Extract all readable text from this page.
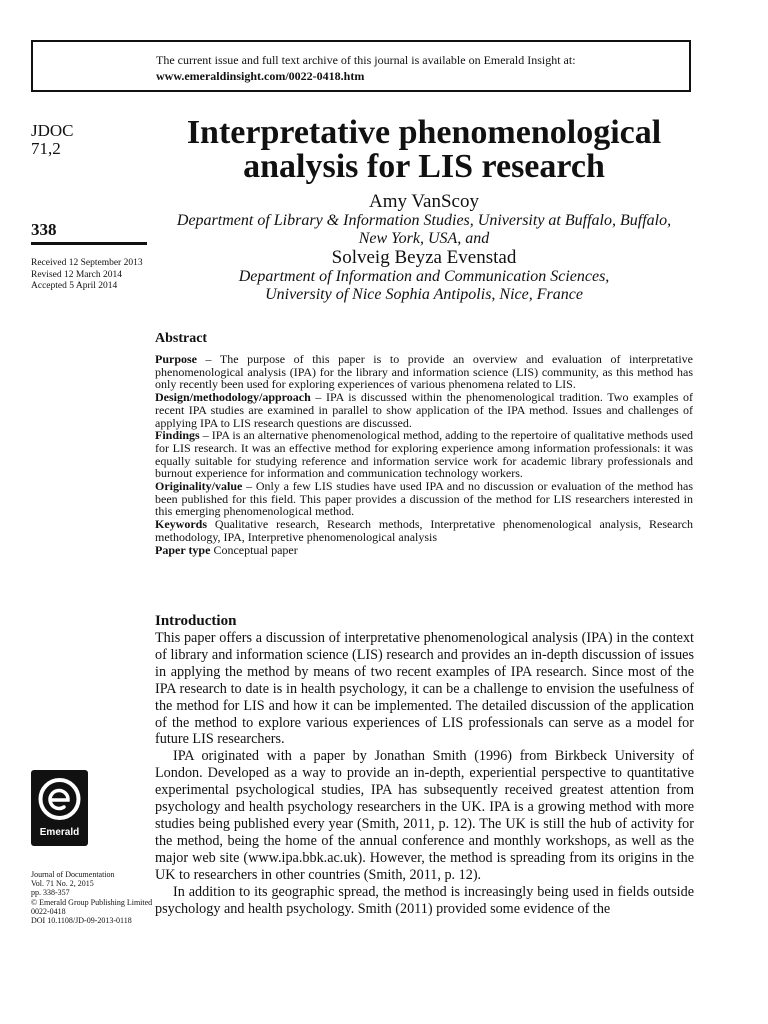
The current issue and full text archive of this journal is available on Emerald Insight at:
www.emeraldinsight.com/0022-0418.htm
JDOC
71,2
338
Received 12 September 2013
Revised 12 March 2014
Accepted 5 April 2014
Interpretative phenomenological
analysis for LIS research
Amy VanScoy
Department of Library & Information Studies, University at Buffalo, Buffalo,
New York, USA, and
Solveig Beyza Evenstad
Department of Information and Communication Sciences,
University of Nice Sophia Antipolis, Nice, France
Abstract

Purpose – The purpose of this paper is to provide an overview and evaluation of interpretative phenomenological analysis (IPA) for the library and information science (LIS) community, as this method has only recently been used for exploring experiences of various phenomena related to LIS.

Design/methodology/approach – IPA is discussed within the phenomenological tradition. Two examples of recent IPA studies are examined in parallel to show application of the IPA method. Issues and challenges of applying IPA to LIS research questions are discussed.

Findings – IPA is an alternative phenomenological method, adding to the repertoire of qualitative methods used for LIS research. It was an effective method for exploring experience among information professionals: it was equally suitable for studying reference and information service work for academic library professionals and burnout experience for information and communication technology workers.

Originality/value – Only a few LIS studies have used IPA and no discussion or evaluation of the method has been published for this field. This paper provides a discussion of the method for LIS researchers interested in this emerging phenomenological method.

Keywords Qualitative research, Research methods, Interpretative phenomenological analysis, Research methodology, IPA, Interpretive phenomenological analysis

Paper type Conceptual paper

Introduction

This paper offers a discussion of interpretative phenomenological analysis (IPA) in the context of library and information science (LIS) research and provides an in-depth discussion of issues in applying the method by means of two recent examples of IPA research. Since most of the IPA research to date is in health psychology, it can be a challenge to envision the usefulness of the method for LIS and how it can be implemented. The detailed discussion of the application of the method to explore various experiences of LIS professionals can serve as a model for future LIS researchers.

IPA originated with a paper by Jonathan Smith (1996) from Birkbeck University of London. Developed as a way to provide an in-depth, experiential perspective to quantitative experimental psychological studies, IPA has subsequently received greatest attention from psychology and health psychology researchers in the UK. IPA is a growing method with more studies being published every year (Smith, 2011, p. 12). The UK is still the hub of activity for the method, being the home of the annual conference and monthly workshops, as well as the major web site (www.ipa.bbk.ac.uk). However, the method is spreading from its origins in the UK to researchers in other countries (Smith, 2011, p. 12).

In addition to its geographic spread, the method is increasingly being used in fields outside psychology and health psychology. Smith (2011) provided some evidence of the

Emerald
Journal of Documentation
Vol. 71 No. 2, 2015
pp. 338-357
© Emerald Group Publishing Limited
0022-0418
DOI 10.1108/JD-09-2013-0118
